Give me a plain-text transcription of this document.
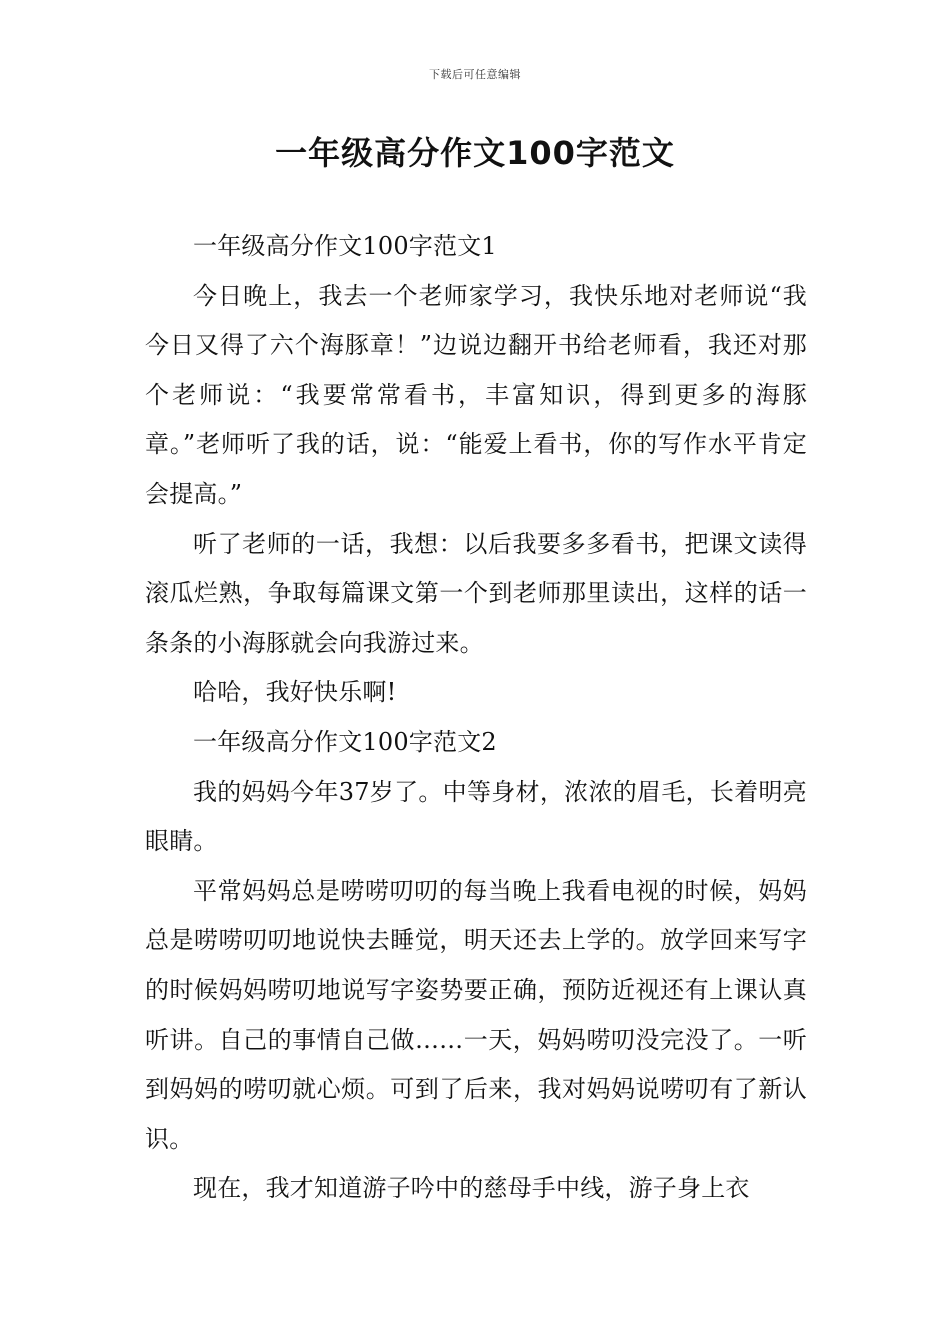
下载后可任意编辑
一年级高分作文100字范文

一年级高分作文100字范文1

今日晚上，我去一个老师家学习，我快乐地对老师说“我今日又得了六个海豚章！”边说边翻开书给老师看，我还对那个老师说：“我要常常看书，丰富知识，得到更多的海豚章。”老师听了我的话，说：“能爱上看书，你的写作水平肯定会提高。”

听了老师的一话，我想：以后我要多多看书，把课文读得滚瓜烂熟，争取每篇课文第一个到老师那里读出，这样的话一条条的小海豚就会向我游过来。

哈哈，我好快乐啊!

一年级高分作文100字范文2

我的妈妈今年37岁了。中等身材，浓浓的眉毛，长着明亮眼睛。

平常妈妈总是唠唠叨叨的每当晚上我看电视的时候，妈妈总是唠唠叨叨地说快去睡觉，明天还去上学的。放学回来写字的时候妈妈唠叨地说写字姿势要正确，预防近视还有上课认真听讲。自己的事情自己做……一天，妈妈唠叨没完没了。一听到妈妈的唠叨就心烦。可到了后来，我对妈妈说唠叨有了新认识。

现在，我才知道游子吟中的慈母手中线，游子身上衣
